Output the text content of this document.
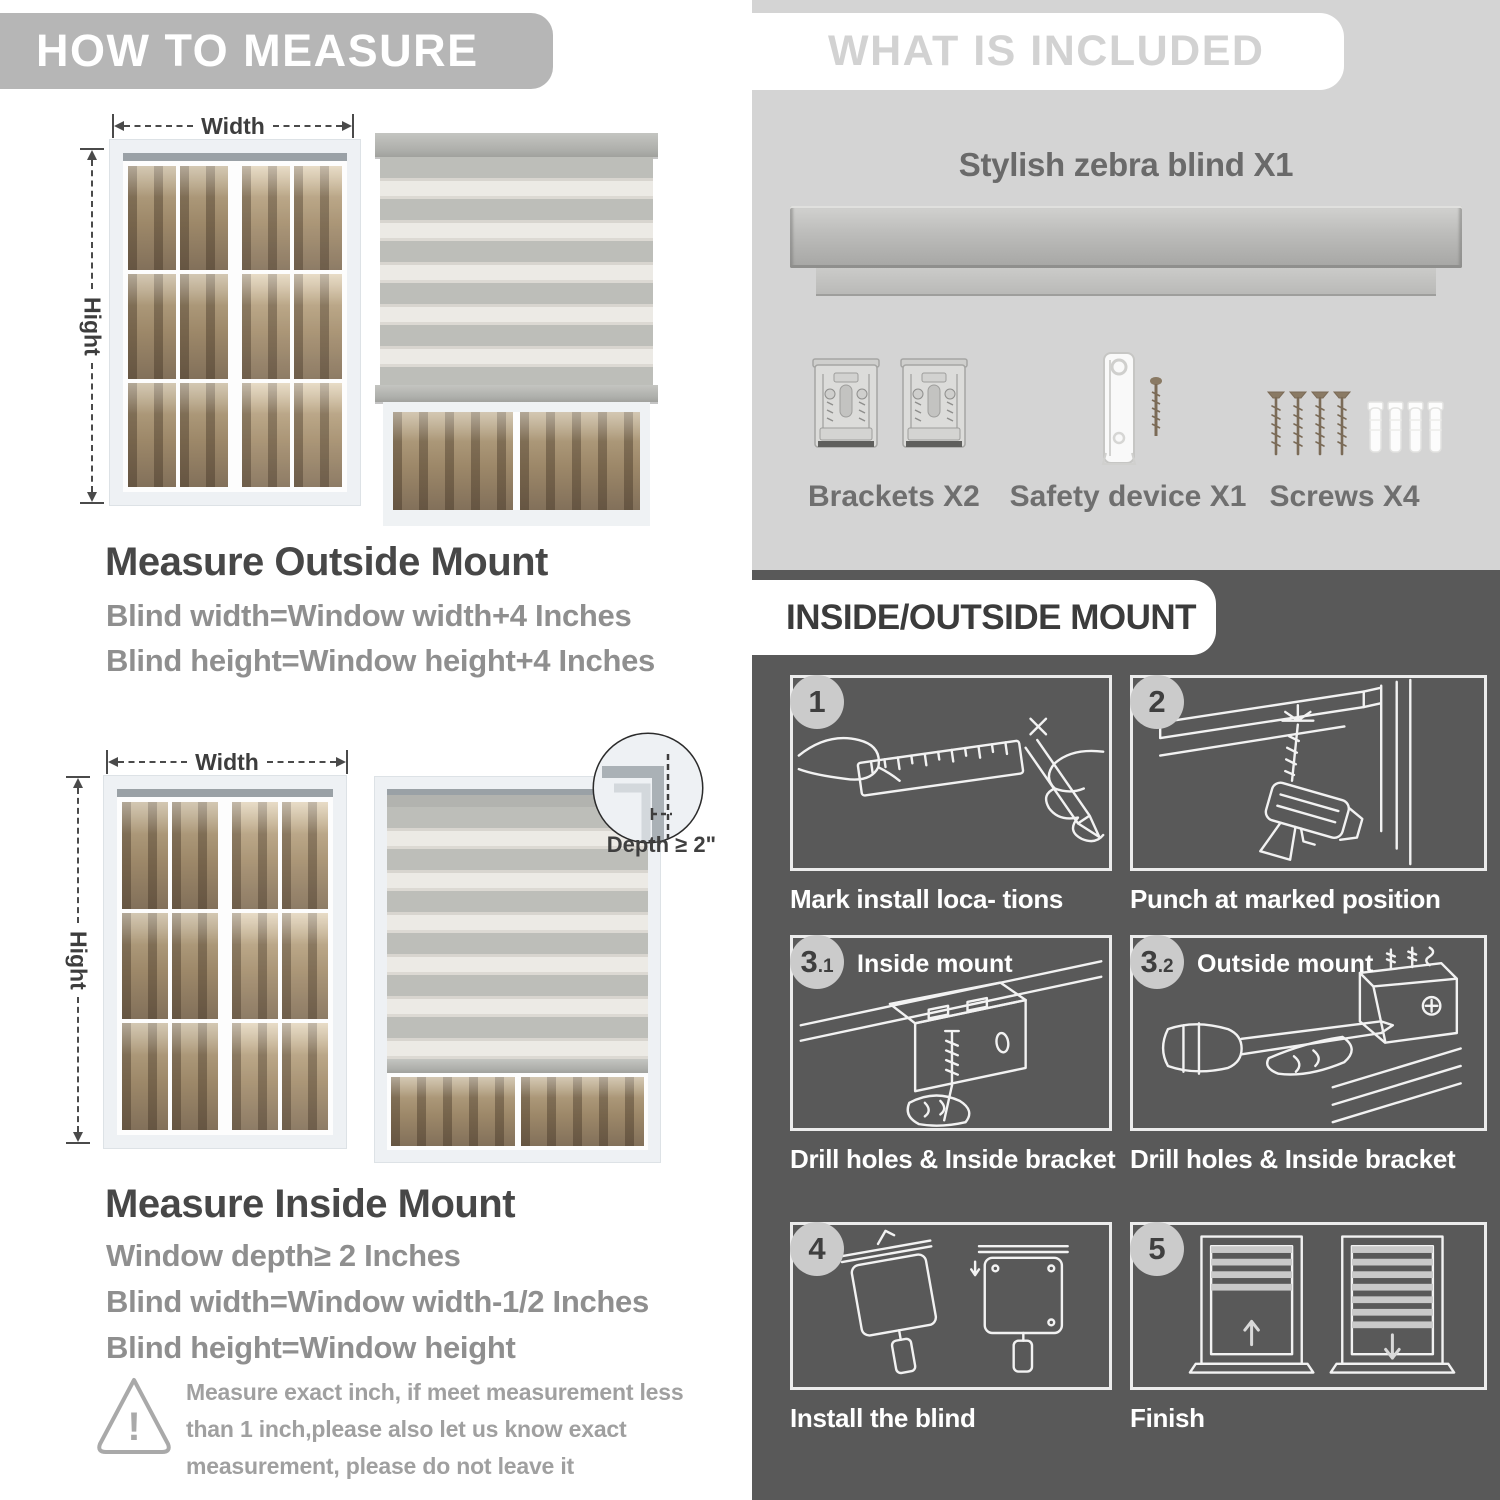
HOW TO MEASURE
Width
Hight
Measure Outside Mount
Blind width=Window width+4 Inches
Blind height=Window height+4 Inches
Width
Hight
Depth ≥ 2"
Measure Inside Mount
Window depth≥ 2 Inches
Blind width=Window width-1/2 Inches
Blind height=Window height
!
Measure exact inch, if meet measurement less than 1 inch,please also let us know exact measurement, please do not leave it
WHAT IS INCLUDED
Stylish zebra blind X1
Brackets X2 Safety device X1 Screws X4
INSIDE/OUTSIDE MOUNT
1
Mark install loca- tions
2
Punch at marked position
3 .1 Inside mount
Drill holes & Inside bracket
3 .2 Outside mount
Drill holes & Inside bracket
4
Install the blind
5
Finish
